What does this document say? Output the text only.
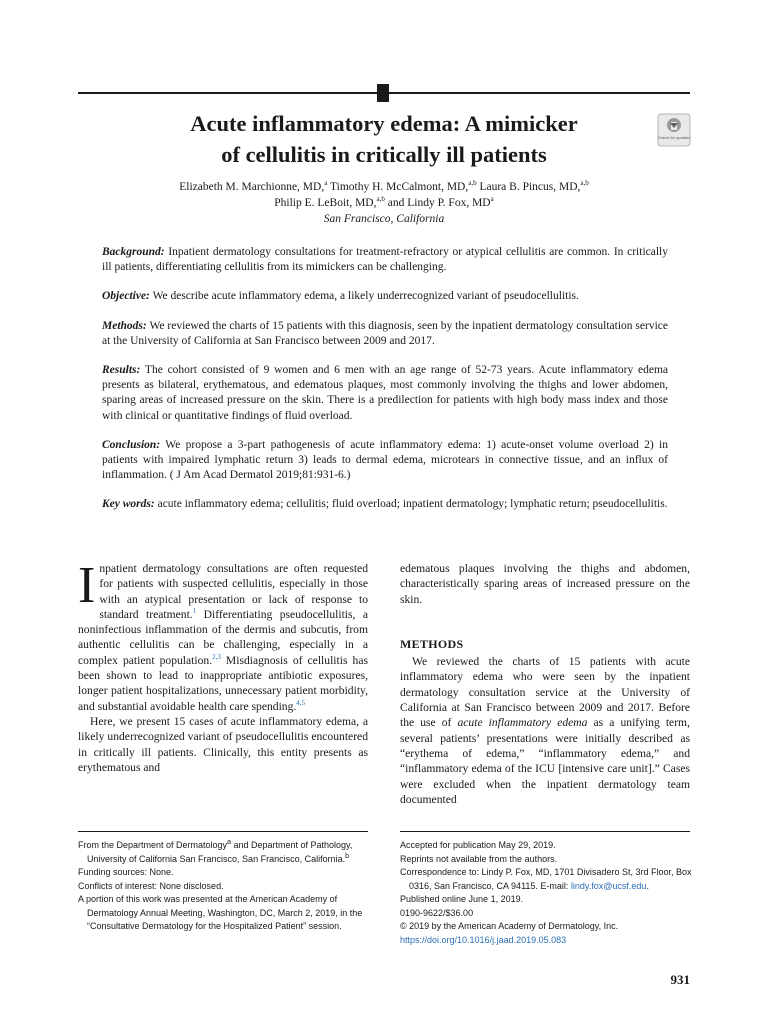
Acute inflammatory edema: A mimicker
of cellulitis in critically ill patients
Check for updates
Elizabeth M. Marchionne, MD,$^a$ Timothy H. McCalmont, MD,$^{a,b}$ Laura B. Pincus, MD,$^{a,b}$
Philip E. LeBoit, MD,$^{a,b}$ and Lindy P. Fox, $MD^a$
San Francisco, California

Background: Inpatient dermatology consultations for treatment-refractory or atypical cellulitis are common. In critically ill patients, differentiating cellulitis from its mimickers can be challenging.

Objective: We describe acute inflammatory edema, a likely underrecognized variant of pseudocellulitis.

Methods: We reviewed the charts of 15 patients with this diagnosis, seen by the inpatient dermatology consultation service at the University of California at San Francisco between 2009 and 2017.

Results: The cohort consisted of 9 women and 6 men with an age range of 52-73 years. Acute inflammatory edema presents as bilateral, erythematous, and edematous plaques, most commonly involving the thighs and lower abdomen, sparing areas of increased pressure on the skin. There is a predilection for patients with high body mass index and those with clinical or quantitative findings of fluid overload.

Conclusion: We propose a 3-part pathogenesis of acute inflammatory edema: 1) acute-onset volume overload 2) in patients with impaired lymphatic return 3) leads to dermal edema, microtears in connective tissue, and an influx of inflammation. ( J Am Acad Dermatol 2019;81:931-6.)

Key words: acute inflammatory edema; cellulitis; fluid overload; inpatient dermatology; lymphatic return; pseudocellulitis.

Inpatient dermatology consultations are often requested for patients with suspected cellulitis, especially in those with an atypical presentation or lack of response to standard treatment.$^1$ Differentiating pseudocellulitis, a noninfectious inflammation of the dermis and subcutis, from authentic cellulitis can be challenging, especially in a complex patient population.$^{2,3}$ Misdiagnosis of cellulitis has been shown to lead to inappropriate antibiotic exposures, longer patient hospitalizations, unnecessary patient morbidity, and substantial avoidable health care spending.$^{4,5}$

Here, we present 15 cases of acute inflammatory edema, a likely underrecognized variant of pseudocellulitis encountered in critically ill patients. Clinically, this entity presents as erythematous and

edematous plaques involving the thighs and abdomen, characteristically sparing areas of increased pressure on the skin.

METHODS

We reviewed the charts of 15 patients with acute inflammatory edema who were seen by the inpatient dermatology consultation service at the University of California at San Francisco between 2009 and 2017. Before the use of acute inflammatory edema as a unifying term, several patients’ presentations were initially described as “erythema of edema,” “inflammatory edema,” and “inflammatory edema of the ICU [intensive care unit].” Cases were excluded when the inpatient dermatology team documented

From the Department of Dermatology$^a$ and Department of Pathology, University of California San Francisco, San Francisco, California.$^b$

Funding sources: None.

Conflicts of interest: None disclosed.

A portion of this work was presented at the American Academy of Dermatology Annual Meeting, Washington, DC, March 2, 2019, in the “Consultative Dermatology for the Hospitalized Patient” session.

Accepted for publication May 29, 2019.

Reprints not available from the authors.

Correspondence to: Lindy P. Fox, MD, 1701 Divisadero St, 3rd Floor, Box 0316, San Francisco, CA 94115. E-mail: lindy.fox@ucsf.edu.

Published online June 1, 2019.

0190-9622/$36.00

© 2019 by the American Academy of Dermatology, Inc.

https://doi.org/10.1016/j.jaad.2019.05.083

931
